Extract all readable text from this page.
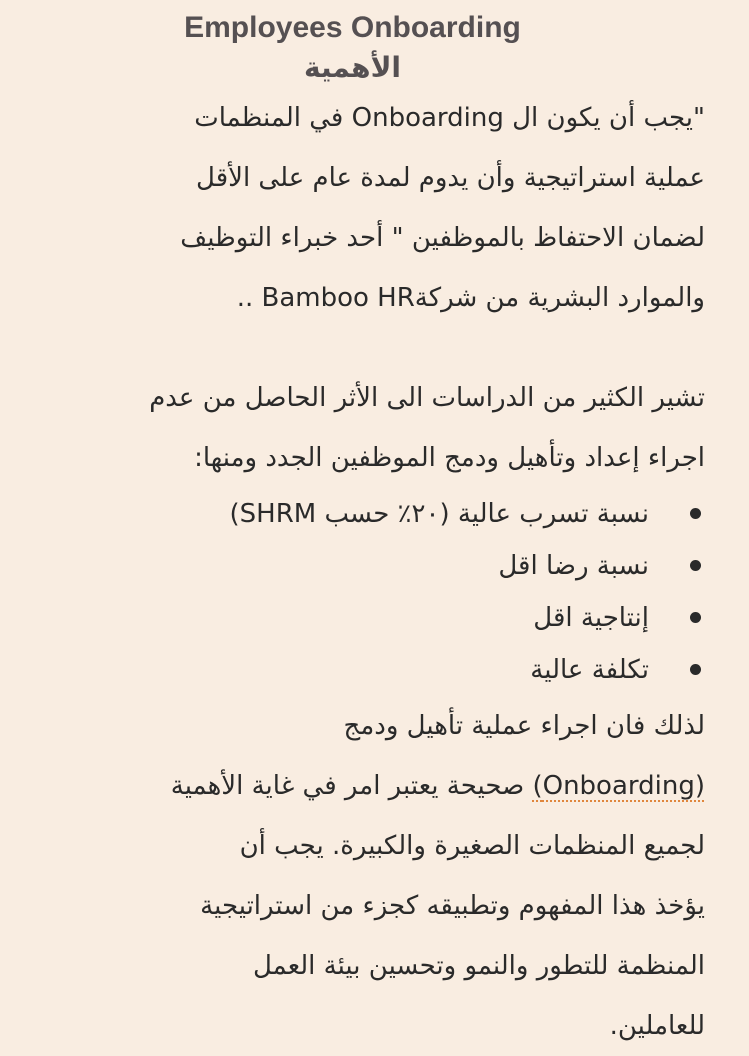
Employees Onboarding

الأهمية

"يجب أن يكون ال Onboarding في المنظمات
عملية استراتيجية وأن يدوم لمدة عام على الأقل
لضمان الاحتفاظ بالموظفين " أحد خبراء التوظيف
والموارد البشرية من شركةBamboo HR ..

تشير الكثير من الدراسات الى الأثر الحاصل من عدم
اجراء إعداد وتأهيل ودمج الموظفين الجدد ومنها:

نسبة تسرب عالية (٢٠٪ حسب SHRM)
نسبة رضا اقل
إنتاجية اقل
تكلفة عالية

لذلك فان اجراء عملية تأهيل ودمج
(Onboarding) صحيحة يعتبر امر في غاية الأهمية
لجميع المنظمات الصغيرة والكبيرة. يجب أن
يؤخذ هذا المفهوم وتطبيقه كجزء من استراتيجية
المنظمة للتطور والنمو وتحسين بيئة العمل
للعاملين.
